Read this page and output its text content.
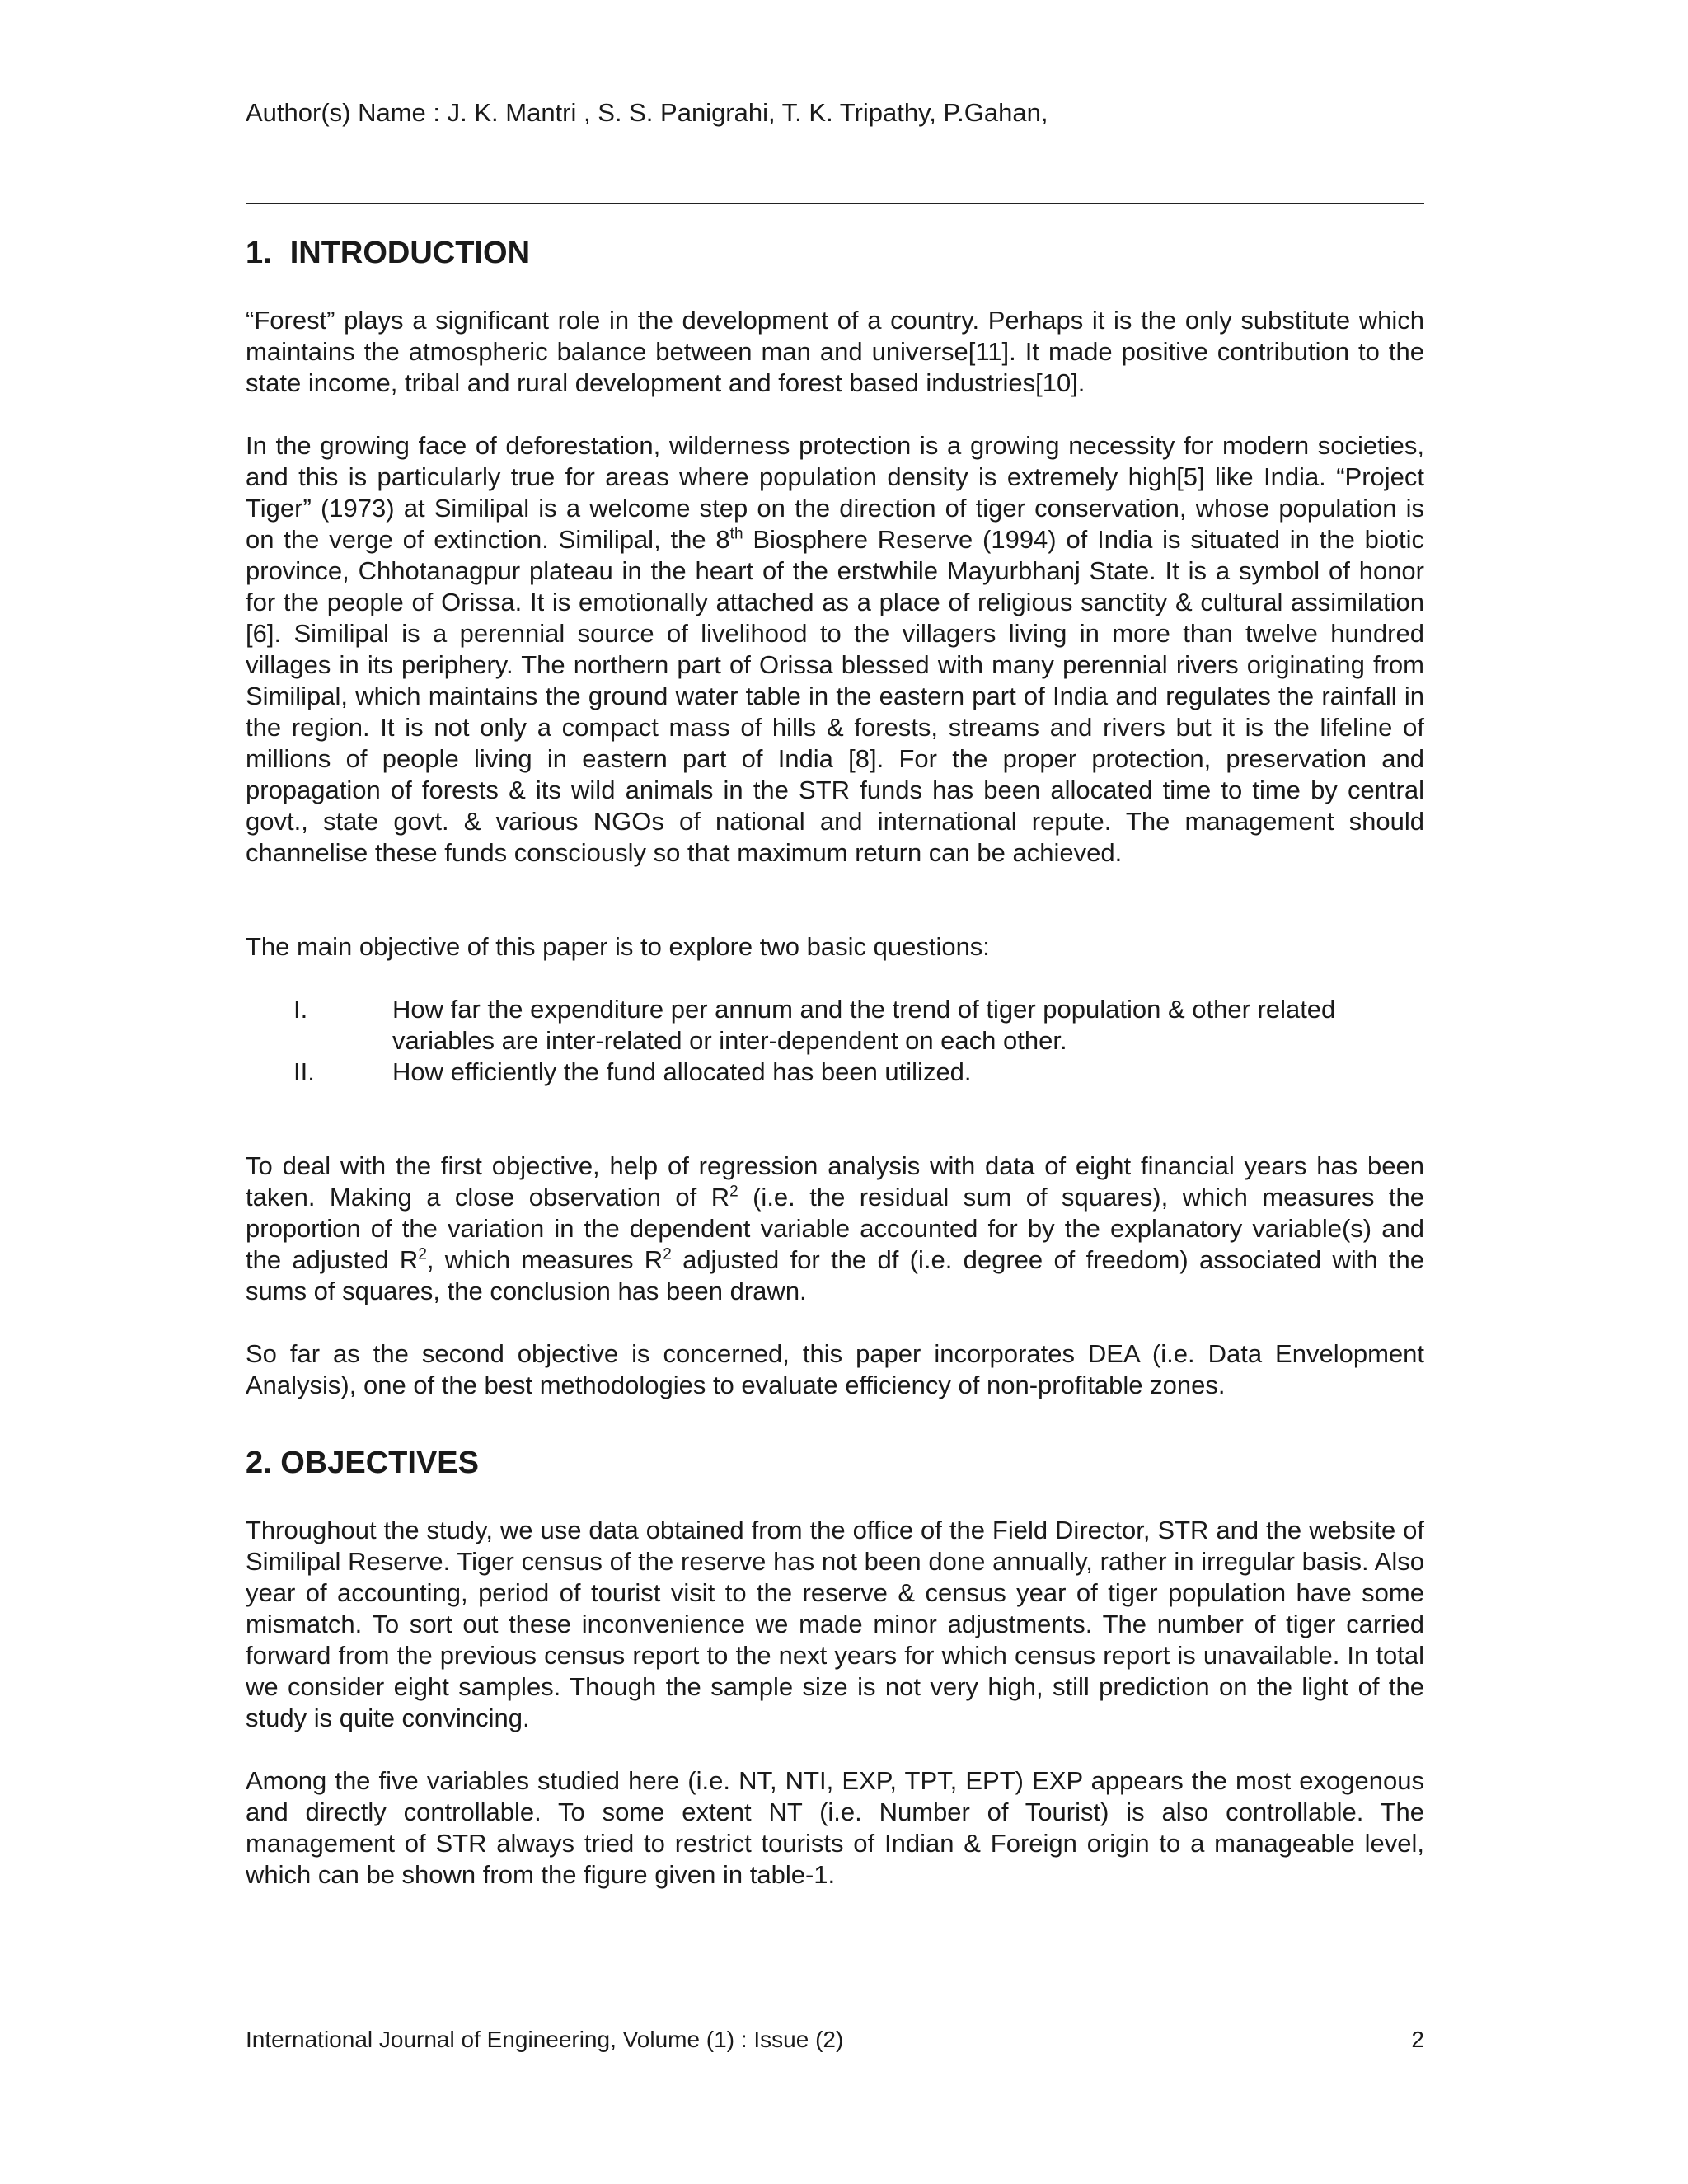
Author(s) Name : J. K. Mantri , S. S. Panigrahi, T. K. Tripathy, P.Gahan,
1. INTRODUCTION

“Forest” plays a significant role in the development of a country. Perhaps it is the only substitute which maintains the atmospheric balance between man and universe[11]. It made positive contribution to the state income, tribal and rural development and forest based industries[10].

In the growing face of deforestation, wilderness protection is a growing necessity for modern societies, and this is particularly true for areas where population density is extremely high[5] like India. “Project Tiger” (1973) at Similipal is a welcome step on the direction of tiger conservation, whose population is on the verge of extinction. Similipal, the 8th Biosphere Reserve (1994) of India is situated in the biotic province, Chhotanagpur plateau in the heart of the erstwhile Mayurbhanj State. It is a symbol of honor for the people of Orissa. It is emotionally attached as a place of religious sanctity & cultural assimilation [6]. Similipal is a perennial source of livelihood to the villagers living in more than twelve hundred villages in its periphery. The northern part of Orissa blessed with many perennial rivers originating from Similipal, which maintains the ground water table in the eastern part of India and regulates the rainfall in the region. It is not only a compact mass of hills & forests, streams and rivers but it is the lifeline of millions of people living in eastern part of India [8]. For the proper protection, preservation and propagation of forests & its wild animals in the STR funds has been allocated time to time by central govt., state govt. & various NGOs of national and international repute. The management should channelise these funds consciously so that maximum return can be achieved.

The main objective of this paper is to explore two basic questions:

I.	How far the expenditure per annum and the trend of tiger population & other related variables are inter-related or inter-dependent on each other.
II.	How efficiently the fund allocated has been utilized.

To deal with the first objective, help of regression analysis with data of eight financial years has been taken. Making a close observation of $R^2$ (i.e. the residual sum of squares), which measures the proportion of the variation in the dependent variable accounted for by the explanatory variable(s) and the adjusted $R^2$, which measures $R^2$ adjusted for the df (i.e. degree of freedom) associated with the sums of squares, the conclusion has been drawn.

So far as the second objective is concerned, this paper incorporates DEA (i.e. Data Envelopment Analysis), one of the best methodologies to evaluate efficiency of non-profitable zones.

2. OBJECTIVES

Throughout the study, we use data obtained from the office of the Field Director, STR and the website of Similipal Reserve. Tiger census of the reserve has not been done annually, rather in irregular basis. Also year of accounting, period of tourist visit to the reserve & census year of tiger population have some mismatch. To sort out these inconvenience we made minor adjustments. The number of tiger carried forward from the previous census report to the next years for which census report is unavailable. In total we consider eight samples. Though the sample size is not very high, still prediction on the light of the study is quite convincing.

Among the five variables studied here (i.e. NT, NTI, EXP, TPT, EPT) EXP appears the most exogenous and directly controllable. To some extent NT (i.e. Number of Tourist) is also controllable. The management of STR always tried to restrict tourists of Indian & Foreign origin to a manageable level, which can be shown from the figure given in table-1.

International Journal of Engineering, Volume (1) : Issue (2)	2
